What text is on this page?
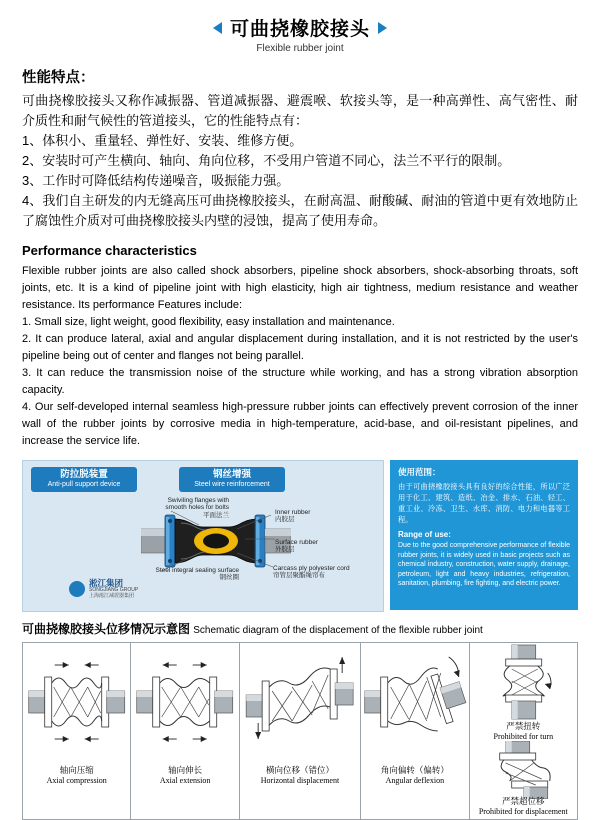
可曲挠橡胶接头
Flexible rubber joint
性能特点：
可曲挠橡胶接头又称作减振器、管道减振器、避震喉、软接头等，是一种高弹性、高气密性、耐介质性和耐气候性的管道接头，它的性能特点有：
1、体积小、重量轻、弹性好、安装、维修方便。
2、安装时可产生横向、轴向、角向位移，不受用户管道不同心，法兰不平行的限制。
3、工作时可降低结构传递噪音，吸振能力强。
4、我们自主研发的内无缝高压可曲挠橡胶接头，在耐高温、耐酸碱、耐油的管道中更有效地防止了腐蚀性介质对可曲挠橡胶接头内壁的浸蚀，提高了使用寿命。
Performance characteristics
Flexible rubber joints are also called shock absorbers, pipeline shock absorbers, shock-absorbing throats, soft joints, etc. It is a kind of pipeline joint with high elasticity, high air tightness, medium resistance and weather resistance. Its performance Features include:
1. Small size, light weight, good flexibility, easy installation and maintenance.
2. It can produce lateral, axial and angular displacement during installation, and it is not restricted by the user's pipeline being out of center and flanges not being parallel.
3. It can reduce the transmission noise of the structure while working, and has a strong vibration absorption capacity.
4. Our self-developed internal seamless high-pressure rubber joints can effectively prevent corrosion of the inner wall of the rubber joints by corrosive media in high-temperature, acid-base, and oil-resistant pipelines, and increase the service life.
防拉脱装置
Anti-pull support device
钢丝增强
Steel wire reinforcement
Swiviling flanges with
smooth holes for bolts
平面法兰
Steel integral sealing surface
钢丝圈
Inner rubber
内胶层
Surface rubber
外胶层
Carcass ply polyester cord
帘管层聚酯绳帘布
淞江集团
SONGJIANG GROUP
上海淞江减震器集团
使用范围：
由于可曲挠橡胶接头具有良好的综合性能，所以广泛用于化工、建筑、造纸、冶金、排水、石油、轻工、重工业、冷冻、卫生、水库、消防、电力和电器等工程。
Range of use:
Due to the good comprehensive performance of flexible rubber joints, it is widely used in basic projects such as chemical industry, construction, water supply, drainage, petroleum, light and heavy industries, refrigeration, sanitation, plumbing, fire fighting, and electric power.
可曲挠橡胶接头位移情况示意图 Schematic diagram of the displacement of the flexible rubber joint
轴向压缩
Axial compression
轴向伸长
Axial extension
横向位移（错位）
Horizontal displacement
角向偏转（偏转）
Angular deflexion
严禁扭转
Prohibited for turn
严禁超位移
Prohibited for displacement
